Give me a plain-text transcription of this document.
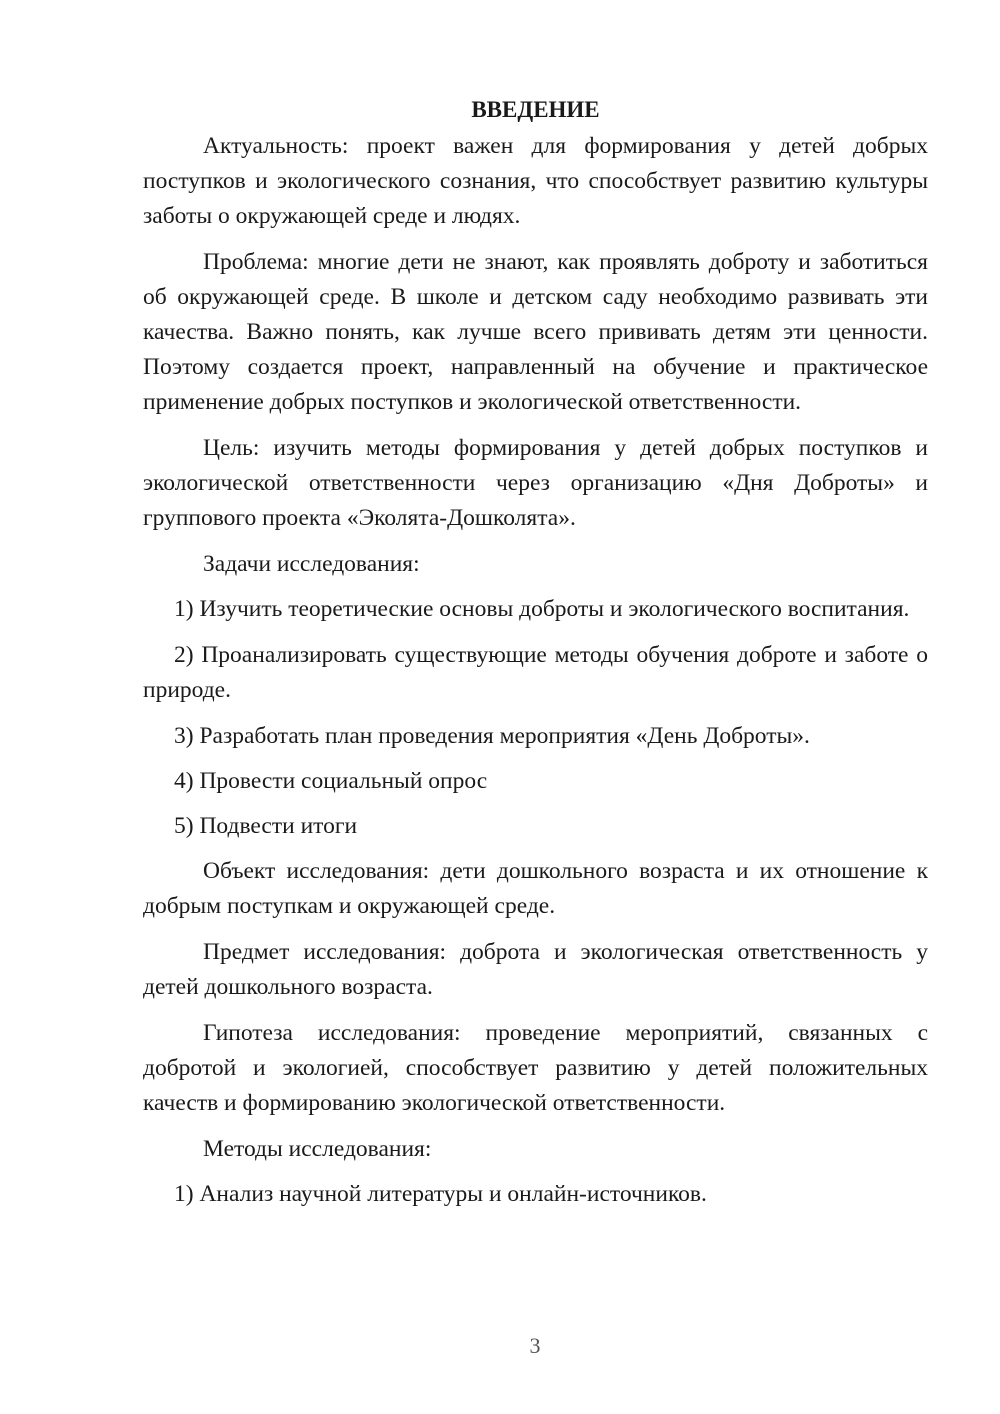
ВВЕДЕНИЕ

Актуальность: проект важен для формирования у детей добрых поступков и экологического сознания, что способствует развитию культуры заботы о окружающей среде и людях.

Проблема: многие дети не знают, как проявлять доброту и заботиться об окружающей среде. В школе и детском саду необходимо развивать эти качества. Важно понять, как лучше всего прививать детям эти ценности. Поэтому создается проект, направленный на обучение и практическое применение добрых поступков и экологической ответственности.

Цель: изучить методы формирования у детей добрых поступков и экологической ответственности через организацию «Дня Доброты» и группового проекта «Эколята-Дошколята».

Задачи исследования:

1) Изучить теоретические основы доброты и экологического воспитания.

2) Проанализировать существующие методы обучения доброте и заботе о природе.

3) Разработать план проведения мероприятия «День Доброты».

4) Провести социальный опрос

5) Подвести итоги

Объект исследования: дети дошкольного возраста и их отношение к добрым поступкам и окружающей среде.

Предмет исследования: доброта и экологическая ответственность у детей дошкольного возраста.

Гипотеза исследования: проведение мероприятий, связанных с добротой и экологией, способствует развитию у детей положительных качеств и формированию экологической ответственности.

Методы исследования:

1) Анализ научной литературы и онлайн-источников.

3
